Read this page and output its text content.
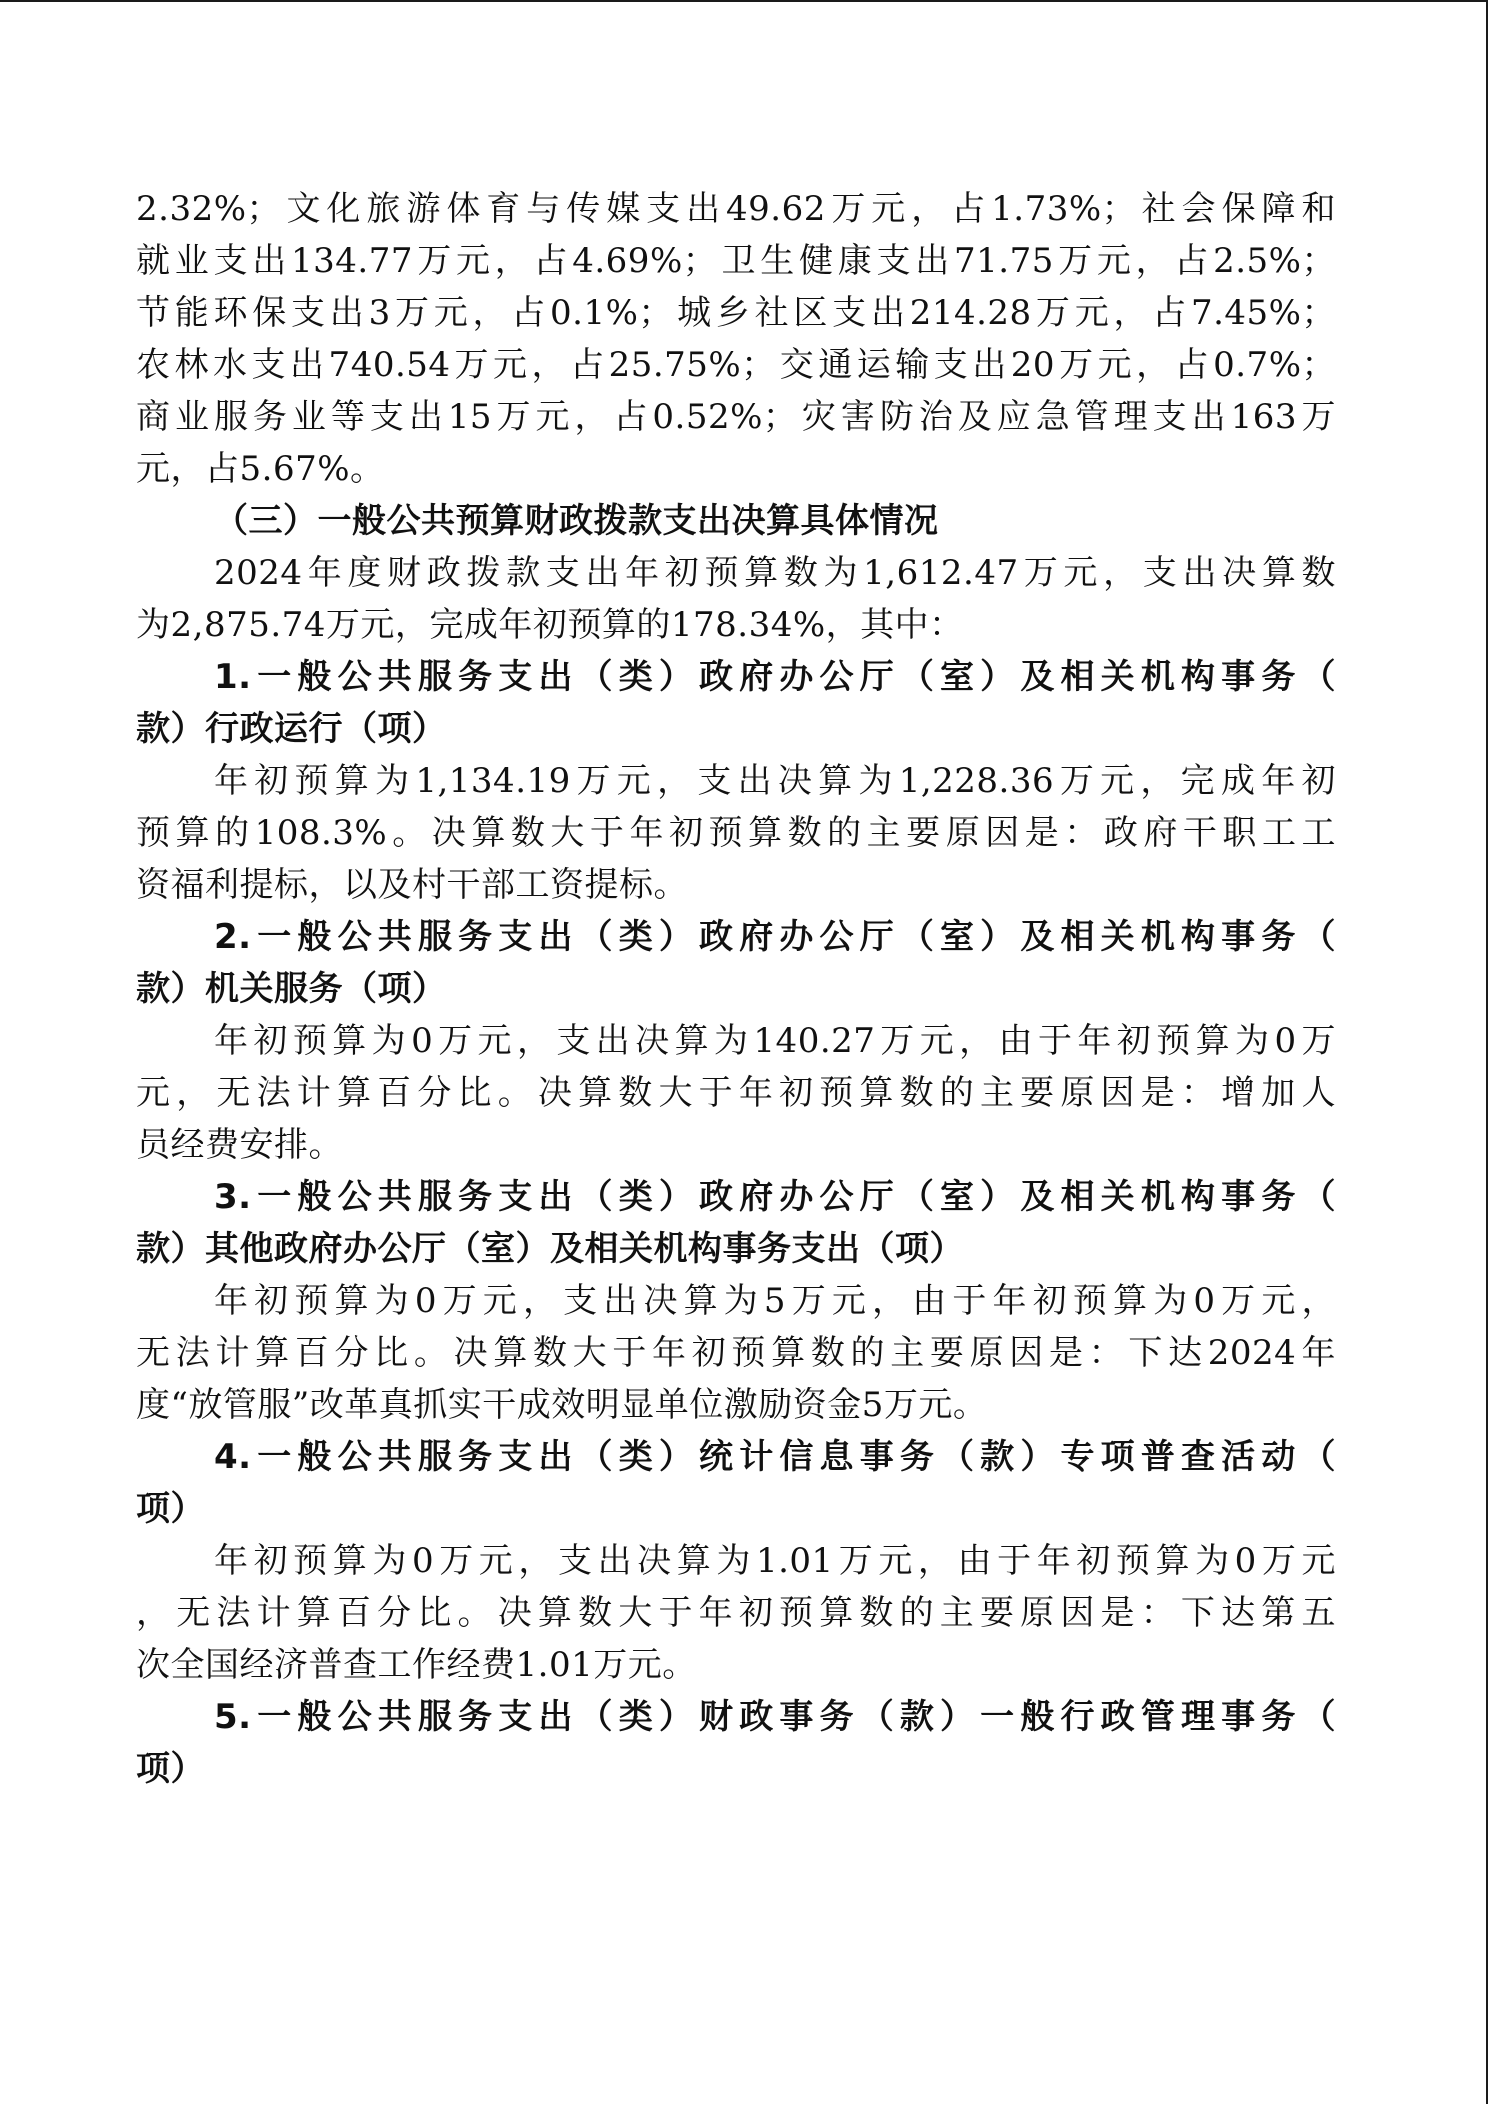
2.32%；文化旅游体育与传媒支出49.62万元，占1.73%；社会保障和
就业支出134.77万元，占4.69%；卫生健康支出71.75万元，占2.5%；
节能环保支出3万元，占0.1%；城乡社区支出214.28万元，占7.45%；
农林水支出740.54万元，占25.75%；交通运输支出20万元，占0.7%；
商业服务业等支出15万元，占0.52%；灾害防治及应急管理支出163万
元，占5.67%。
（三）一般公共预算财政拨款支出决算具体情况
2024年度财政拨款支出年初预算数为1,612.47万元，支出决算数
为2,875.74万元，完成年初预算的178.34%，其中：
1.一般公共服务支出（类）政府办公厅（室）及相关机构事务（
款）行政运行（项）
年初预算为1,134.19万元，支出决算为1,228.36万元，完成年初
预算的108.3%。决算数大于年初预算数的主要原因是：政府干职工工
资福利提标，以及村干部工资提标。
2.一般公共服务支出（类）政府办公厅（室）及相关机构事务（
款）机关服务（项）
年初预算为0万元，支出决算为140.27万元，由于年初预算为0万
元，无法计算百分比。决算数大于年初预算数的主要原因是：增加人
员经费安排。
3.一般公共服务支出（类）政府办公厅（室）及相关机构事务（
款）其他政府办公厅（室）及相关机构事务支出（项）
年初预算为0万元，支出决算为5万元，由于年初预算为0万元，
无法计算百分比。决算数大于年初预算数的主要原因是：下达2024年
度“放管服”改革真抓实干成效明显单位激励资金5万元。
4.一般公共服务支出（类）统计信息事务（款）专项普查活动（
项）
年初预算为0万元，支出决算为1.01万元，由于年初预算为0万元
，无法计算百分比。决算数大于年初预算数的主要原因是：下达第五
次全国经济普查工作经费1.01万元。
5.一般公共服务支出（类）财政事务（款）一般行政管理事务（
项）
